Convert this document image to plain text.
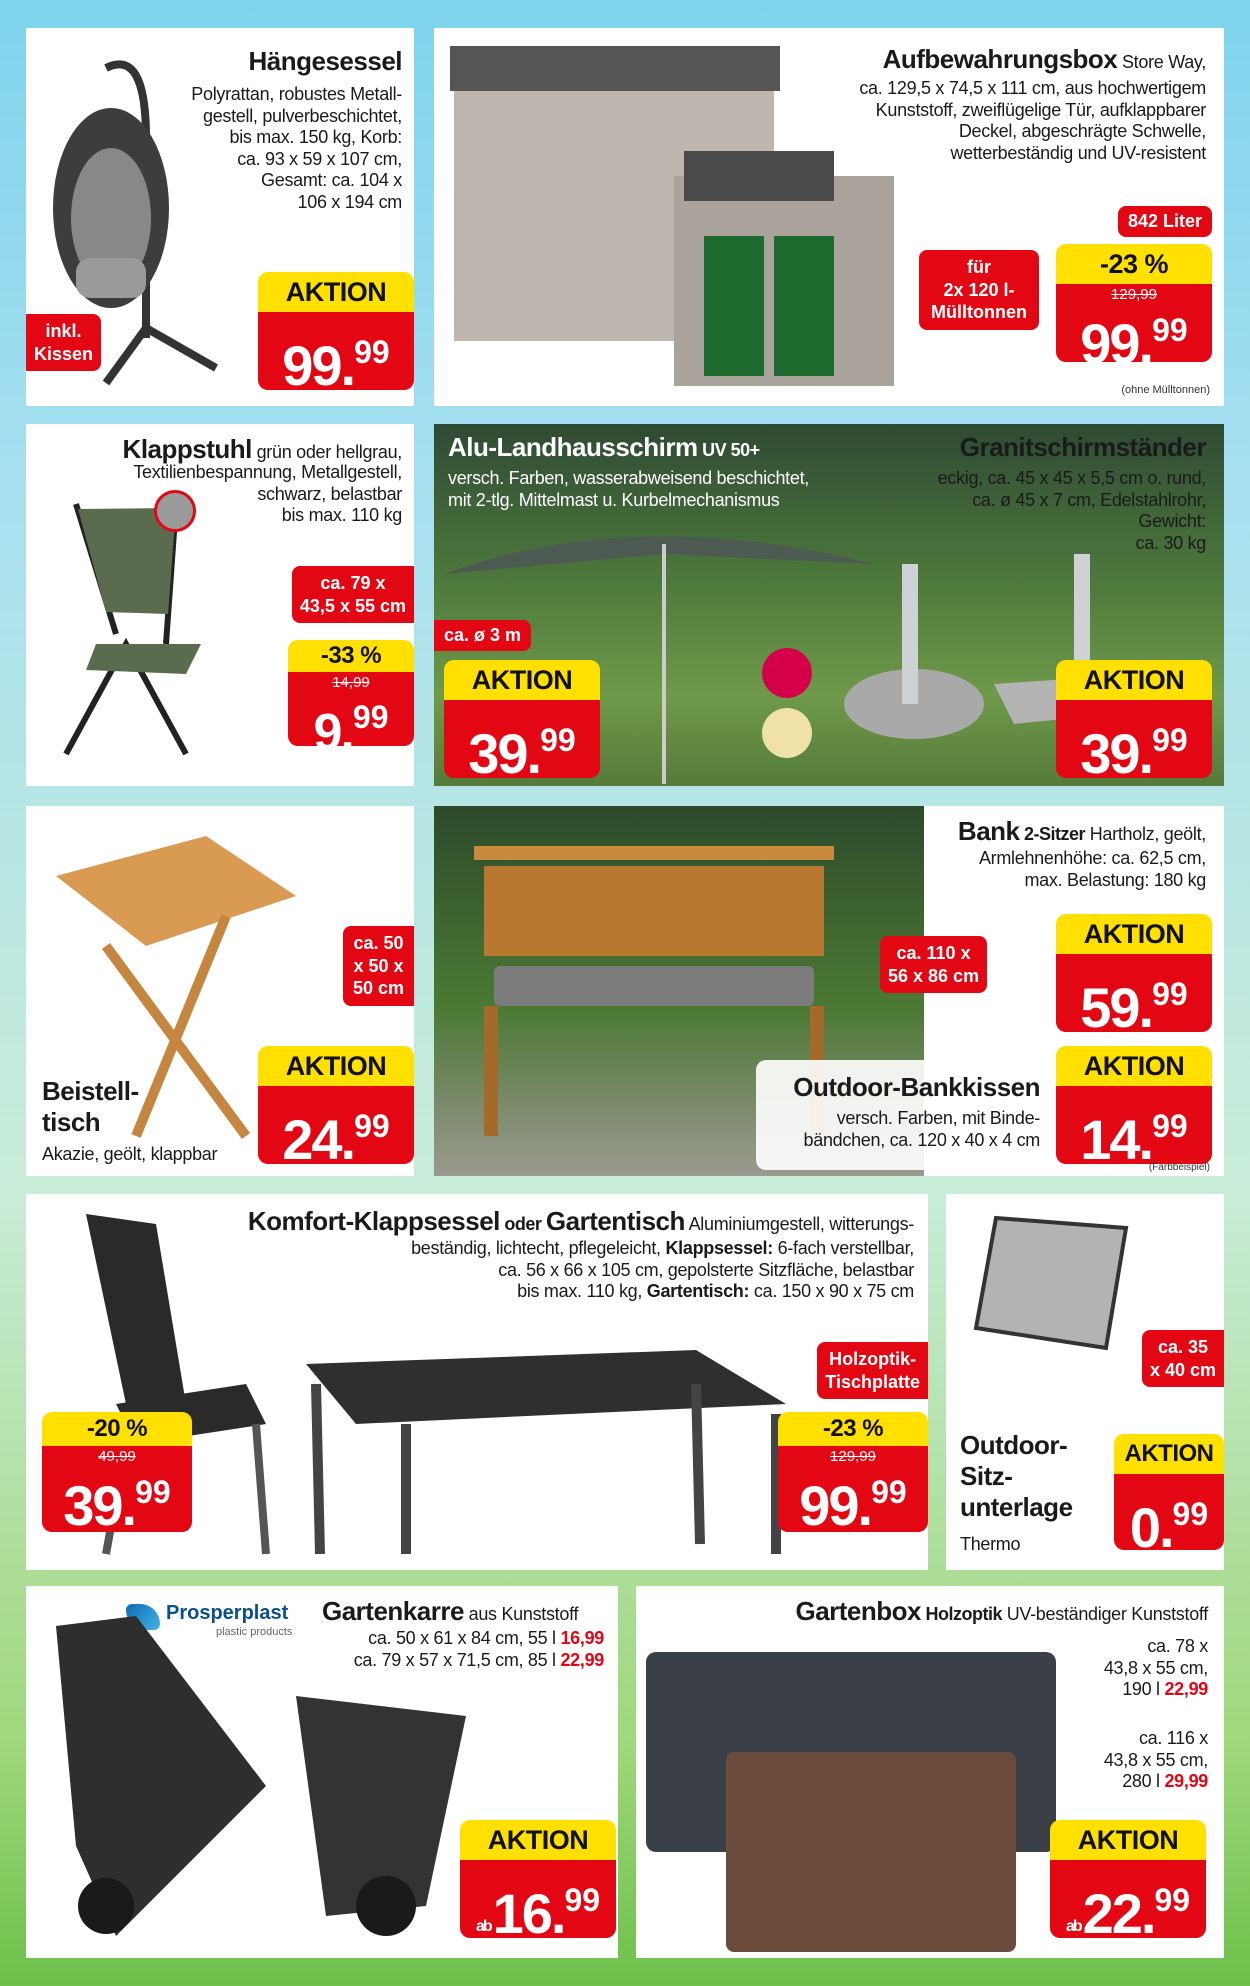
Hängesessel
Polyrattan, robustes Metall-
gestell, pulverbeschichtet,
bis max. 150 kg, Korb:
ca. 93 x 59 x 107 cm,
Gesamt: ca. 104 x
106 x 194 cm
inkl.
Kissen
AKTION
99.99
Aufbewahrungsbox Store Way,
ca. 129,5 x 74,5 x 111 cm, aus hochwertigem
Kunststoff, zweiflügelige Tür, aufklappbarer
Deckel, abgeschrägte Schwelle,
wetterbeständig und UV-resistent
842 Liter
für
2x 120 l-
Mülltonnen
-23 %
129,99
99.99
(ohne Mülltonnen)
Klappstuhl grün oder hellgrau,
Textilienbespannung, Metallgestell,
schwarz, belastbar
bis max. 110 kg
ca. 79 x
43,5 x 55 cm
-33 %
14,99
9.99
Alu-Landhausschirm UV 50+
versch. Farben, wasserabweisend beschichtet,
mit 2-tlg. Mittelmast u. Kurbelmechanismus
ca. ø 3 m
AKTION
39.99
Granitschirmständer
eckig, ca. 45 x 45 x 5,5 cm o. rund,
ca. ø 45 x 7 cm, Edelstahlrohr,
Gewicht:
ca. 30 kg
AKTION
39.99
Beistell-
tisch
Akazie, geölt, klappbar
ca. 50
x 50 x
50 cm
AKTION
24.99
ca. 110 x
56 x 86 cm
Bank 2-Sitzer Hartholz, geölt,
Armlehnenhöhe: ca. 62,5 cm,
max. Belastung: 180 kg
AKTION
59.99
Outdoor-Bankkissen
versch. Farben, mit Binde-
bändchen, ca. 120 x 40 x 4 cm
AKTION
14.99
(Farbbeispiel)
Komfort-Klappsessel oder Gartentisch Aluminiumgestell, witterungs-
beständig, lichtecht, pflegeleicht, Klappsessel: 6-fach verstellbar,
ca. 56 x 66 x 105 cm, gepolsterte Sitzfläche, belastbar
bis max. 110 kg, Gartentisch: ca. 150 x 90 x 75 cm
Holzoptik-
Tischplatte
-20 %
49,99
39.99
-23 %
129,99
99.99
ca. 35
x 40 cm
Outdoor-
Sitz-
unterlage
Thermo
AKTION
0.99
Prosperplast
plastic products
Gartenkarre aus Kunststoff
ca. 50 x 61 x 84 cm, 55 l 16,99
ca. 79 x 57 x 71,5 cm, 85 l 22,99
AKTION
ab16.99
Gartenbox Holzoptik UV-beständiger Kunststoff
ca. 78 x
43,8 x 55 cm,
190 l 22,99
ca. 116 x
43,8 x 55 cm,
280 l 29,99
AKTION
ab22.99
